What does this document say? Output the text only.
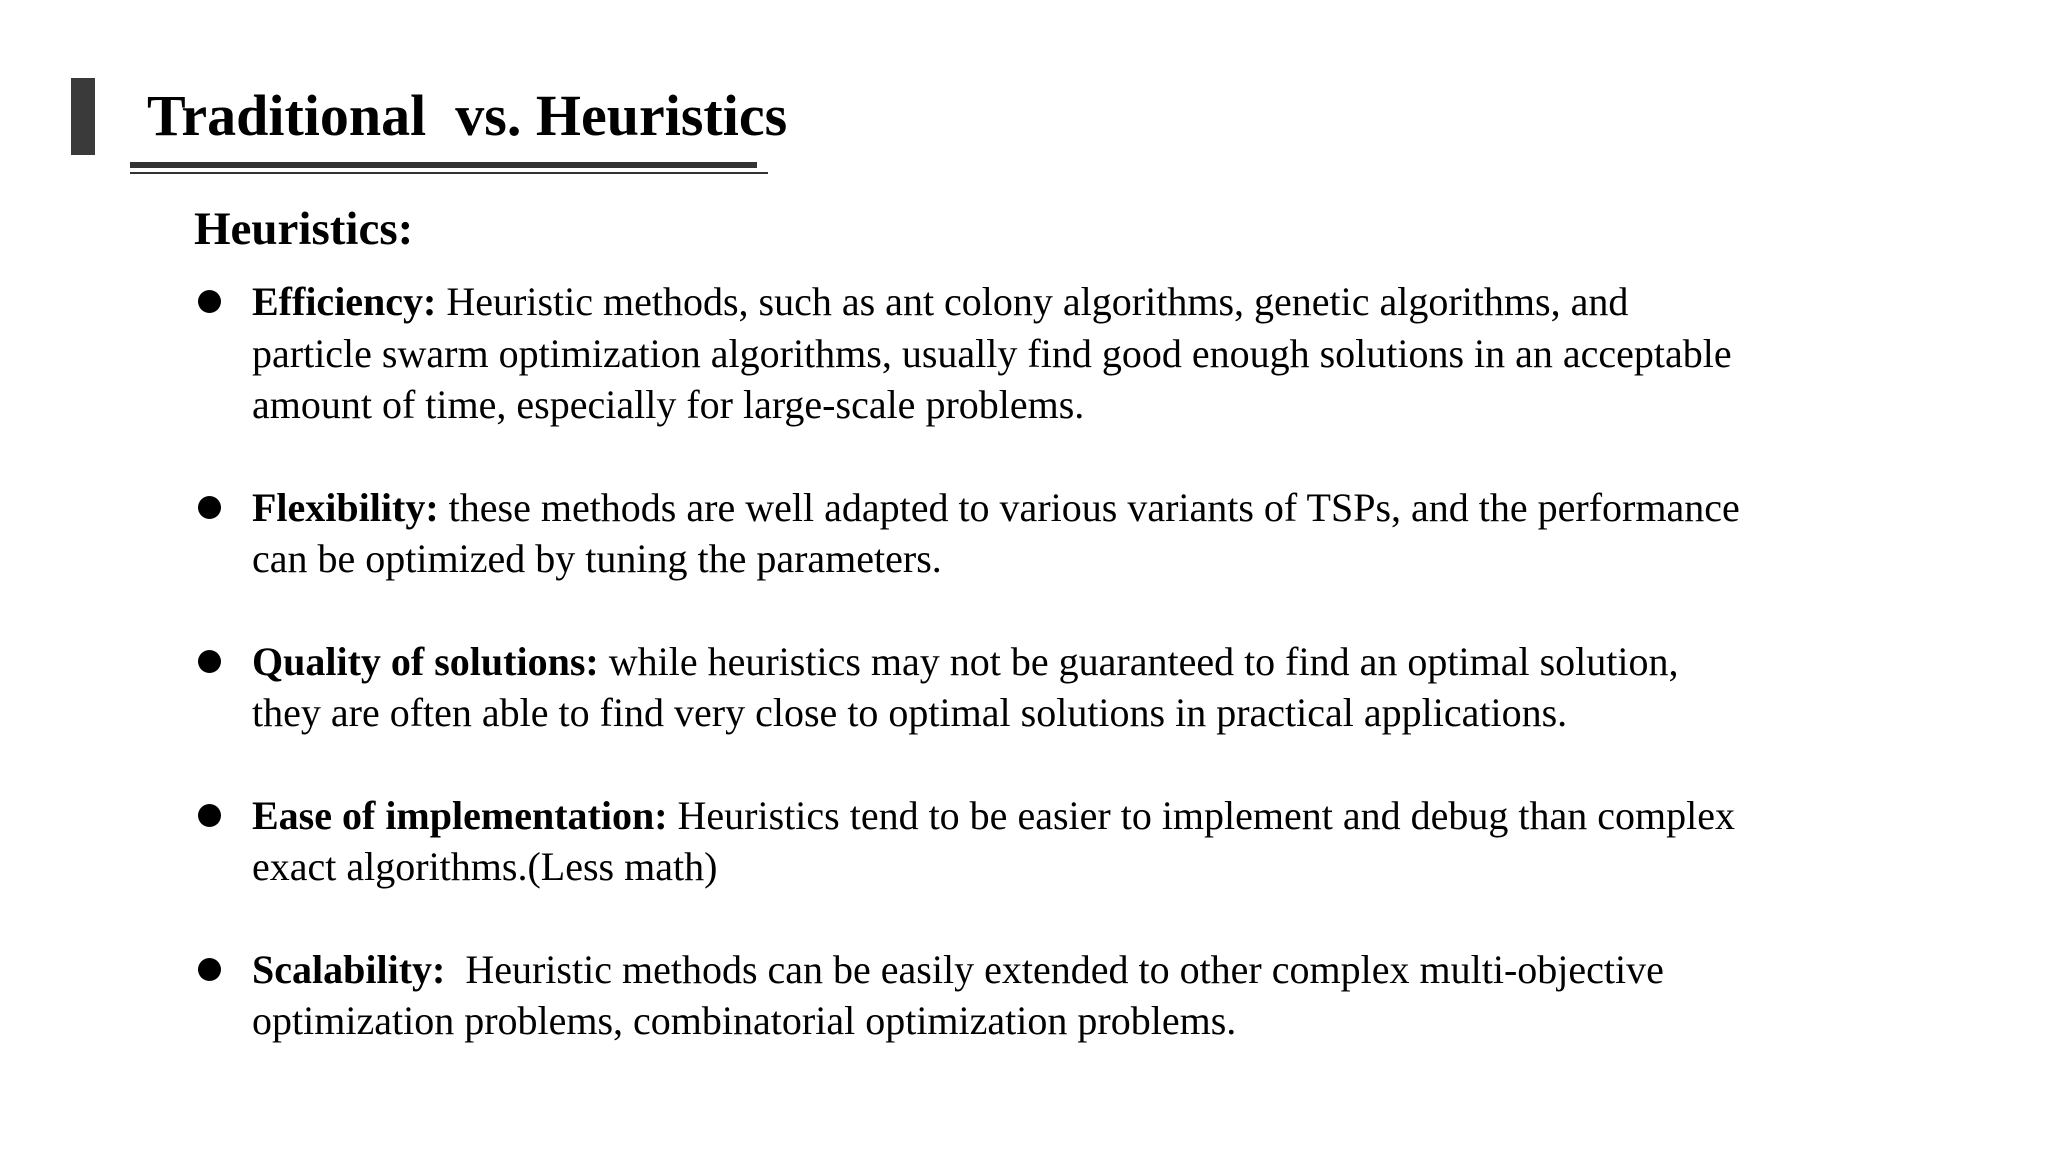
Traditional  vs. Heuristics
Heuristics:
Efficiency: Heuristic methods, such as ant colony algorithms, genetic algorithms, and particle swarm optimization algorithms, usually find good enough solutions in an acceptable amount of time, especially for large-scale problems.
Flexibility: these methods are well adapted to various variants of TSPs, and the performance can be optimized by tuning the parameters.
Quality of solutions: while heuristics may not be guaranteed to find an optimal solution, they are often able to find very close to optimal solutions in practical applications.
Ease of implementation: Heuristics tend to be easier to implement and debug than complex exact algorithms.(Less math)
Scalability:  Heuristic methods can be easily extended to other complex multi-objective optimization problems, combinatorial optimization problems.
